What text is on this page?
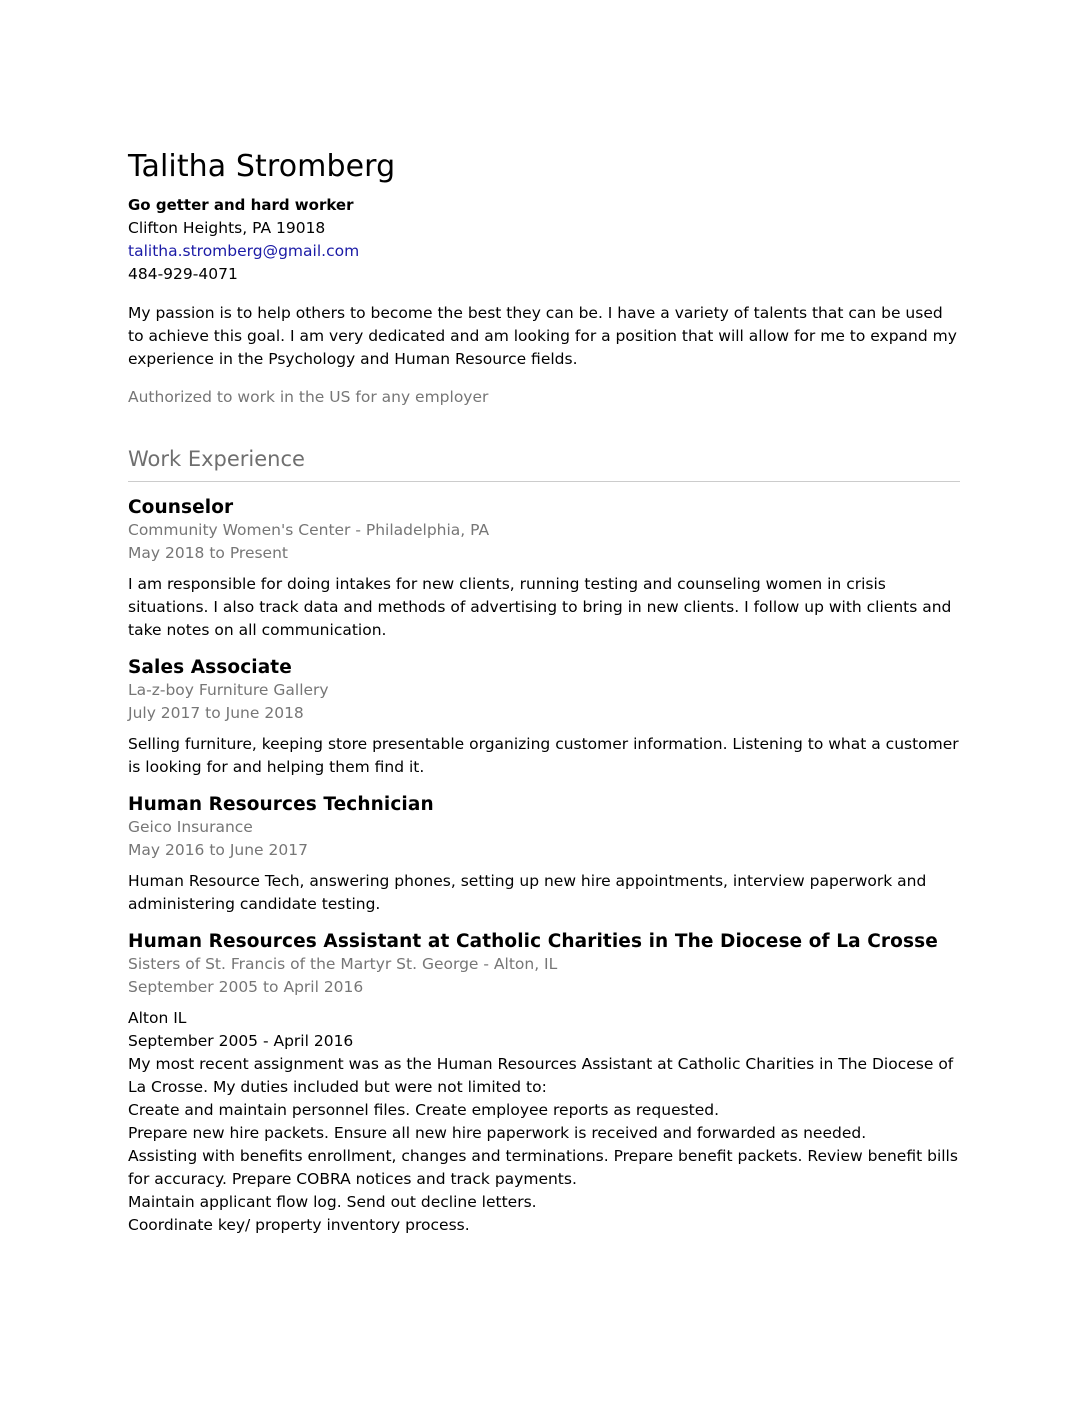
Talitha Stromberg
Go getter and hard worker
Clifton Heights, PA 19018
talitha.stromberg@gmail.com
484-929-4071
My passion is to help others to become the best they can be. I have a variety of talents that can be used to achieve this goal. I am very dedicated and am looking for a position that will allow for me to expand my experience in the Psychology and Human Resource fields.
Authorized to work in the US for any employer
Work Experience
Counselor
Community Women's Center - Philadelphia, PA
May 2018 to Present
I am responsible for doing intakes for new clients, running testing and counseling women in crisis situations. I also track data and methods of advertising to bring in new clients. I follow up with clients and take notes on all communication.
Sales Associate
La-z-boy Furniture Gallery
July 2017 to June 2018
Selling furniture, keeping store presentable organizing customer information. Listening to what a customer is looking for and helping them find it.
Human Resources Technician
Geico Insurance
May 2016 to June 2017
Human Resource Tech, answering phones, setting up new hire appointments, interview paperwork and administering candidate testing.
Human Resources Assistant at Catholic Charities in The Diocese of La Crosse
Sisters of St. Francis of the Martyr St. George - Alton, IL
September 2005 to April 2016
Alton IL
September 2005 - April 2016
My most recent assignment was as the Human Resources Assistant at Catholic Charities in The Diocese of La Crosse. My duties included but were not limited to:
Create and maintain personnel files. Create employee reports as requested.
Prepare new hire packets. Ensure all new hire paperwork is received and forwarded as needed.
Assisting with benefits enrollment, changes and terminations. Prepare benefit packets. Review benefit bills for accuracy. Prepare COBRA notices and track payments.
Maintain applicant flow log. Send out decline letters.
Coordinate key/ property inventory process.
